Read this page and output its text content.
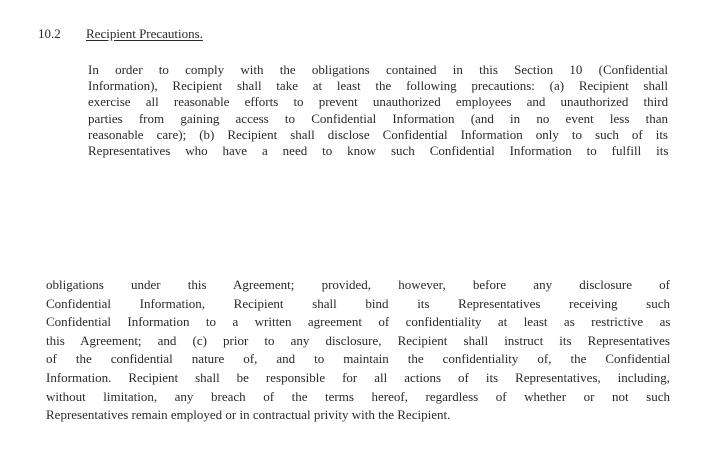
10.2 Recipient Precautions.
In order to comply with the obligations contained in this Section 10 (Confidential
Information), Recipient shall take at least the following precautions: (a) Recipient shall
exercise all reasonable efforts to prevent unauthorized employees and unauthorized third
parties from gaining access to Confidential Information (and in no event less than
reasonable care); (b) Recipient shall disclose Confidential Information only to such of its
Representatives who have a need to know such Confidential Information to fulfill its
obligations under this Agreement; provided, however, before any disclosure of
Confidential Information, Recipient shall bind its Representatives receiving such
Confidential Information to a written agreement of confidentiality at least as restrictive as
this Agreement; and (c) prior to any disclosure, Recipient shall instruct its Representatives
of the confidential nature of, and to maintain the confidentiality of, the Confidential
Information. Recipient shall be responsible for all actions of its Representatives, including,
without limitation, any breach of the terms hereof, regardless of whether or not such
Representatives remain employed or in contractual privity with the Recipient.
